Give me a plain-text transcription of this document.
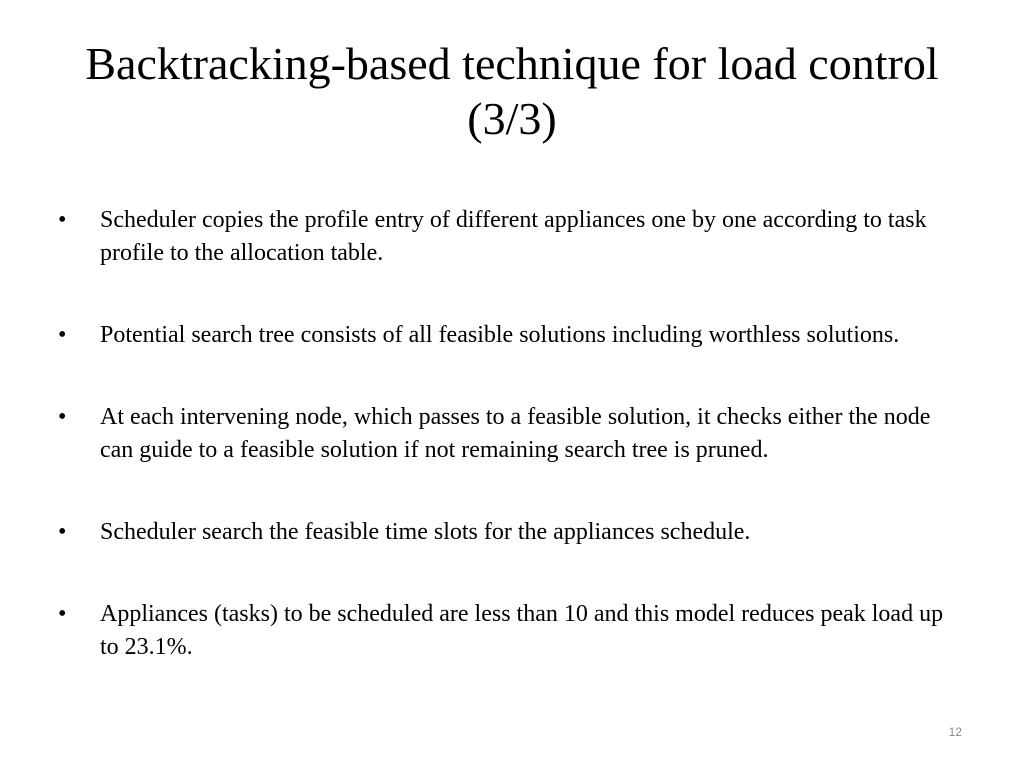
Backtracking-based technique for load control (3/3)
•	Scheduler copies the profile entry of different appliances one by one according to task profile to the allocation table.
•	Potential search tree consists of all feasible solutions including worthless solutions.
•	At each intervening node, which passes to a feasible solution, it checks either the node can guide to a feasible solution if not remaining search tree is pruned.
•	Scheduler search the feasible time slots for the appliances schedule.
•	Appliances (tasks) to be scheduled are less than 10 and this model reduces peak load up to 23.1%.
12
